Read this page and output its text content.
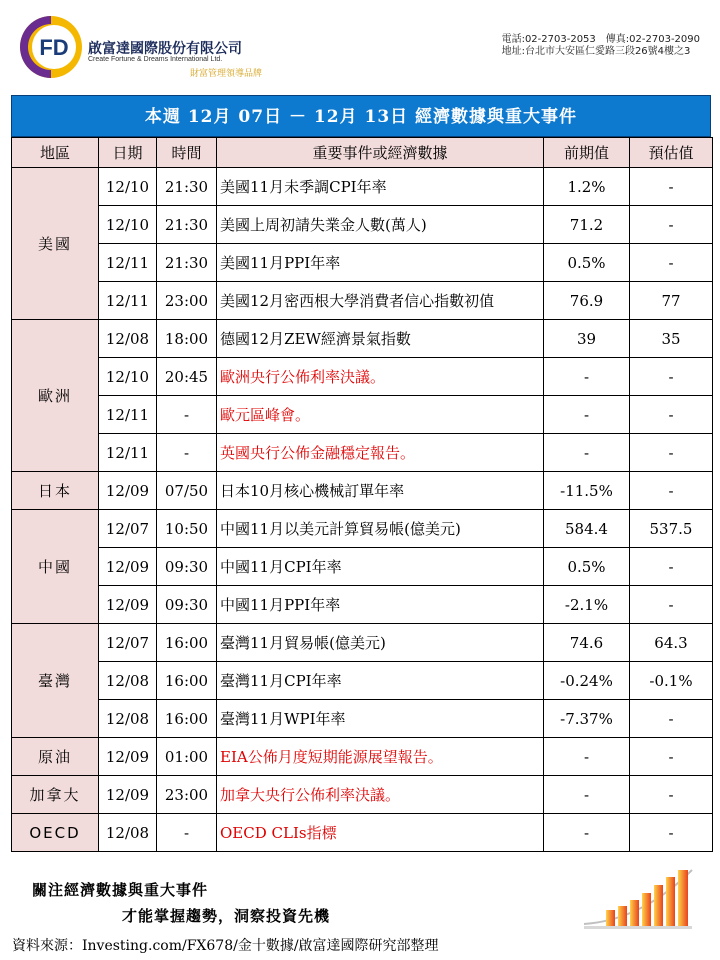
FD 啟富達國際股份有限公司
Create Fortune & Dreams International Ltd.
財富管理領導品牌
電話:02-2703-2053　傳真:02-2703-2090
地址:台北市大安區仁愛路三段26號4樓之3
本週 12月 07日 － 12月 13日 經濟數據與重大事件
地區	日期	時間	重要事件或經濟數據	前期值	預估值
美國	12/10	21:30	美國11月未季調CPI年率	1.2%	-
	12/10	21:30	美國上周初請失業金人數(萬人)	71.2	-
	12/11	21:30	美國11月PPI年率	0.5%	-
	12/11	23:00	美國12月密西根大學消費者信心指數初值	76.9	77
歐洲	12/08	18:00	德國12月ZEW經濟景氣指數	39	35
	12/10	20:45	歐洲央行公佈利率決議。	-	-
	12/11	-	歐元區峰會。	-	-
	12/11	-	英國央行公佈金融穩定報告。	-	-
日本	12/09	07/50	日本10月核心機械訂單年率	-11.5%	-
中國	12/07	10:50	中國11月以美元計算貿易帳(億美元)	584.4	537.5
	12/09	09:30	中國11月CPI年率	0.5%	-
	12/09	09:30	中國11月PPI年率	-2.1%	-
臺灣	12/07	16:00	臺灣11月貿易帳(億美元)	74.6	64.3
	12/08	16:00	臺灣11月CPI年率	-0.24%	-0.1%
	12/08	16:00	臺灣11月WPI年率	-7.37%	-
原油	12/09	01:00	EIA公佈月度短期能源展望報告。	-	-
加拿大	12/09	23:00	加拿大央行公佈利率決議。	-	-
OECD	12/08	-	OECD CLIs指標	-	-
關注經濟數據與重大事件
才能掌握趨勢，洞察投資先機
資料來源：Investing.com/FX678/金十數據/啟富達國際研究部整理
